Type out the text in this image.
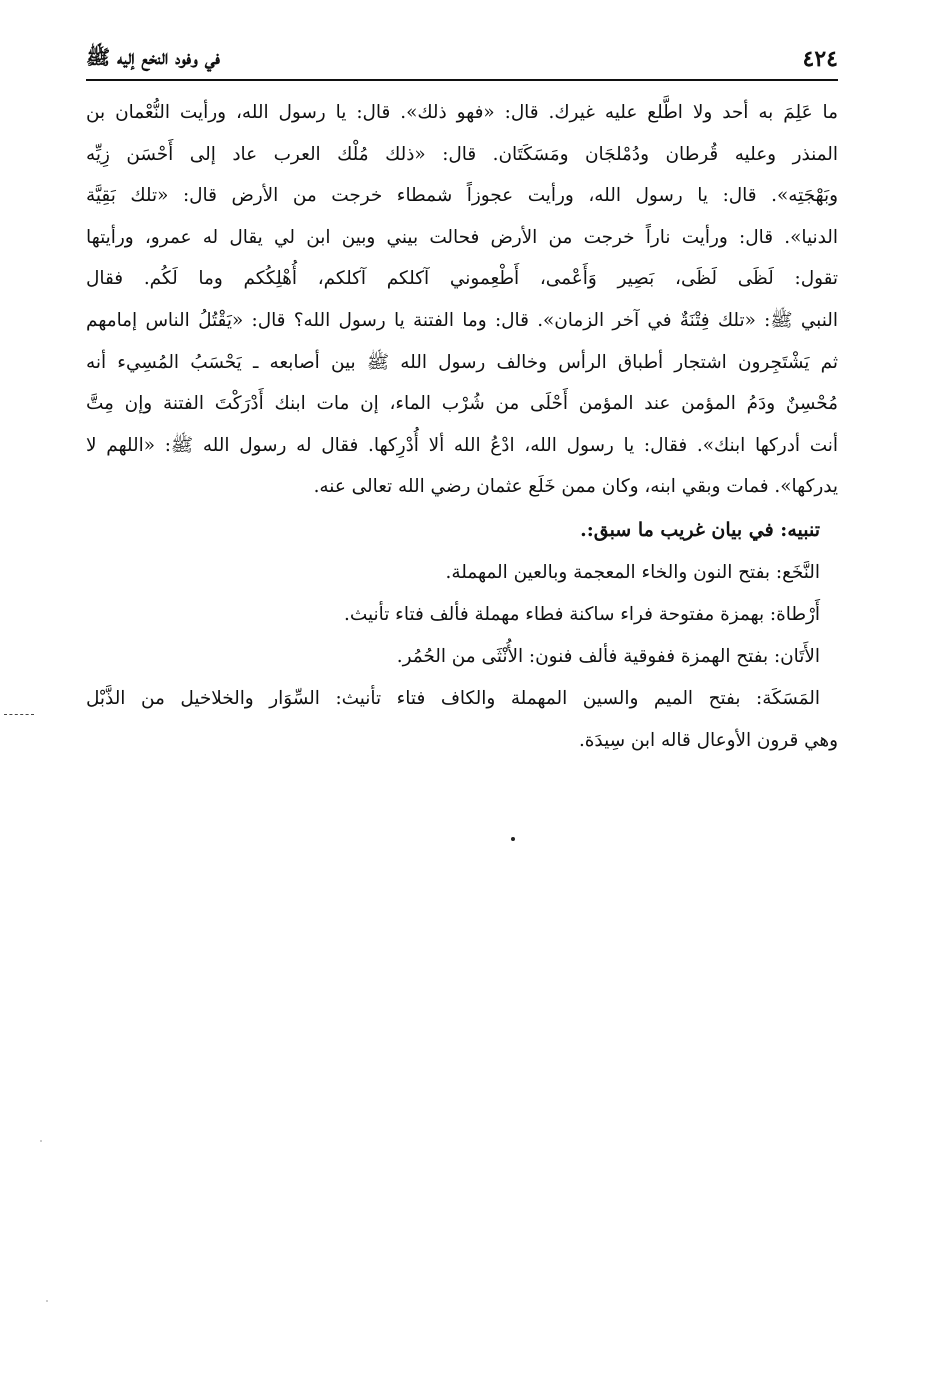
٤٢٤
في وفود النخع إليه ﷺ
ما عَلِمَ به أحد ولا اطَّلع عليه غيرك. قال: «فهو ذلك». قال: يا رسول الله، ورأيت النُّعْمان بن
المنذر وعليه قُرطان ودُمْلجَان ومَسَكَتَان. قال: «ذلك مُلْك العرب عاد إلى أَحْسَن زِيِّه
وبَهْجَتِه». قال: يا رسول الله، ورأيت عجوزاً شمطاء خرجت من الأرض قال: «تلك بَقِيَّة
الدنيا». قال: ورأيت ناراً خرجت من الأرض فحالت بيني وبين ابن لي يقال له عمرو، ورأيتها
تقول: لَظَى لَظَى، بَصِير وَأَعْمى، أَطْعِموني آكلكم آكلكم، أُهْلِكُكم وما لَكُم. فقال
النبي ﷺ: «تلك فِتْنَةٌ في آخر الزمان». قال: وما الفتنة يا رسول الله؟ قال: «يَقْتُلُ الناس إمامهم
ثم يَشْتَجِرون اشتجار أطباق الرأس وخالف رسول الله ﷺ بين أصابعه ـ يَحْسَبُ المُسِيء أنه
مُحْسِنٌ ودَمُ المؤمن عند المؤمن أَحْلَى من شُرْب الماء، إن مات ابنك أَدْرَكْتَ الفتنة وإن مِتَّ
أنت أدركها ابنك». فقال: يا رسول الله، ادْعُ الله ألا أُدْرِكها. فقال له رسول الله ﷺ: «اللهم لا
يدركها». فمات وبقي ابنه، وكان ممن خَلَع عثمان رضي الله تعالى عنه.
تنبيه: في بيان غريب ما سبق:.
النَّخَع: بفتح النون والخاء المعجمة وبالعين المهملة.
أَرْطاة: بهمزة مفتوحة فراء ساكنة فطاء مهملة فألف فتاء تأنيث.
الأَتَان: بفتح الهمزة ففوقية فألف فنون: الأُنْثَى من الحُمُر.
المَسَكَة: بفتح الميم والسين المهملة والكاف فتاء تأنيث: السِّوَار والخلاخيل من الذَّبْل
وهي قرون الأوعال قاله ابن سِيدَة.
